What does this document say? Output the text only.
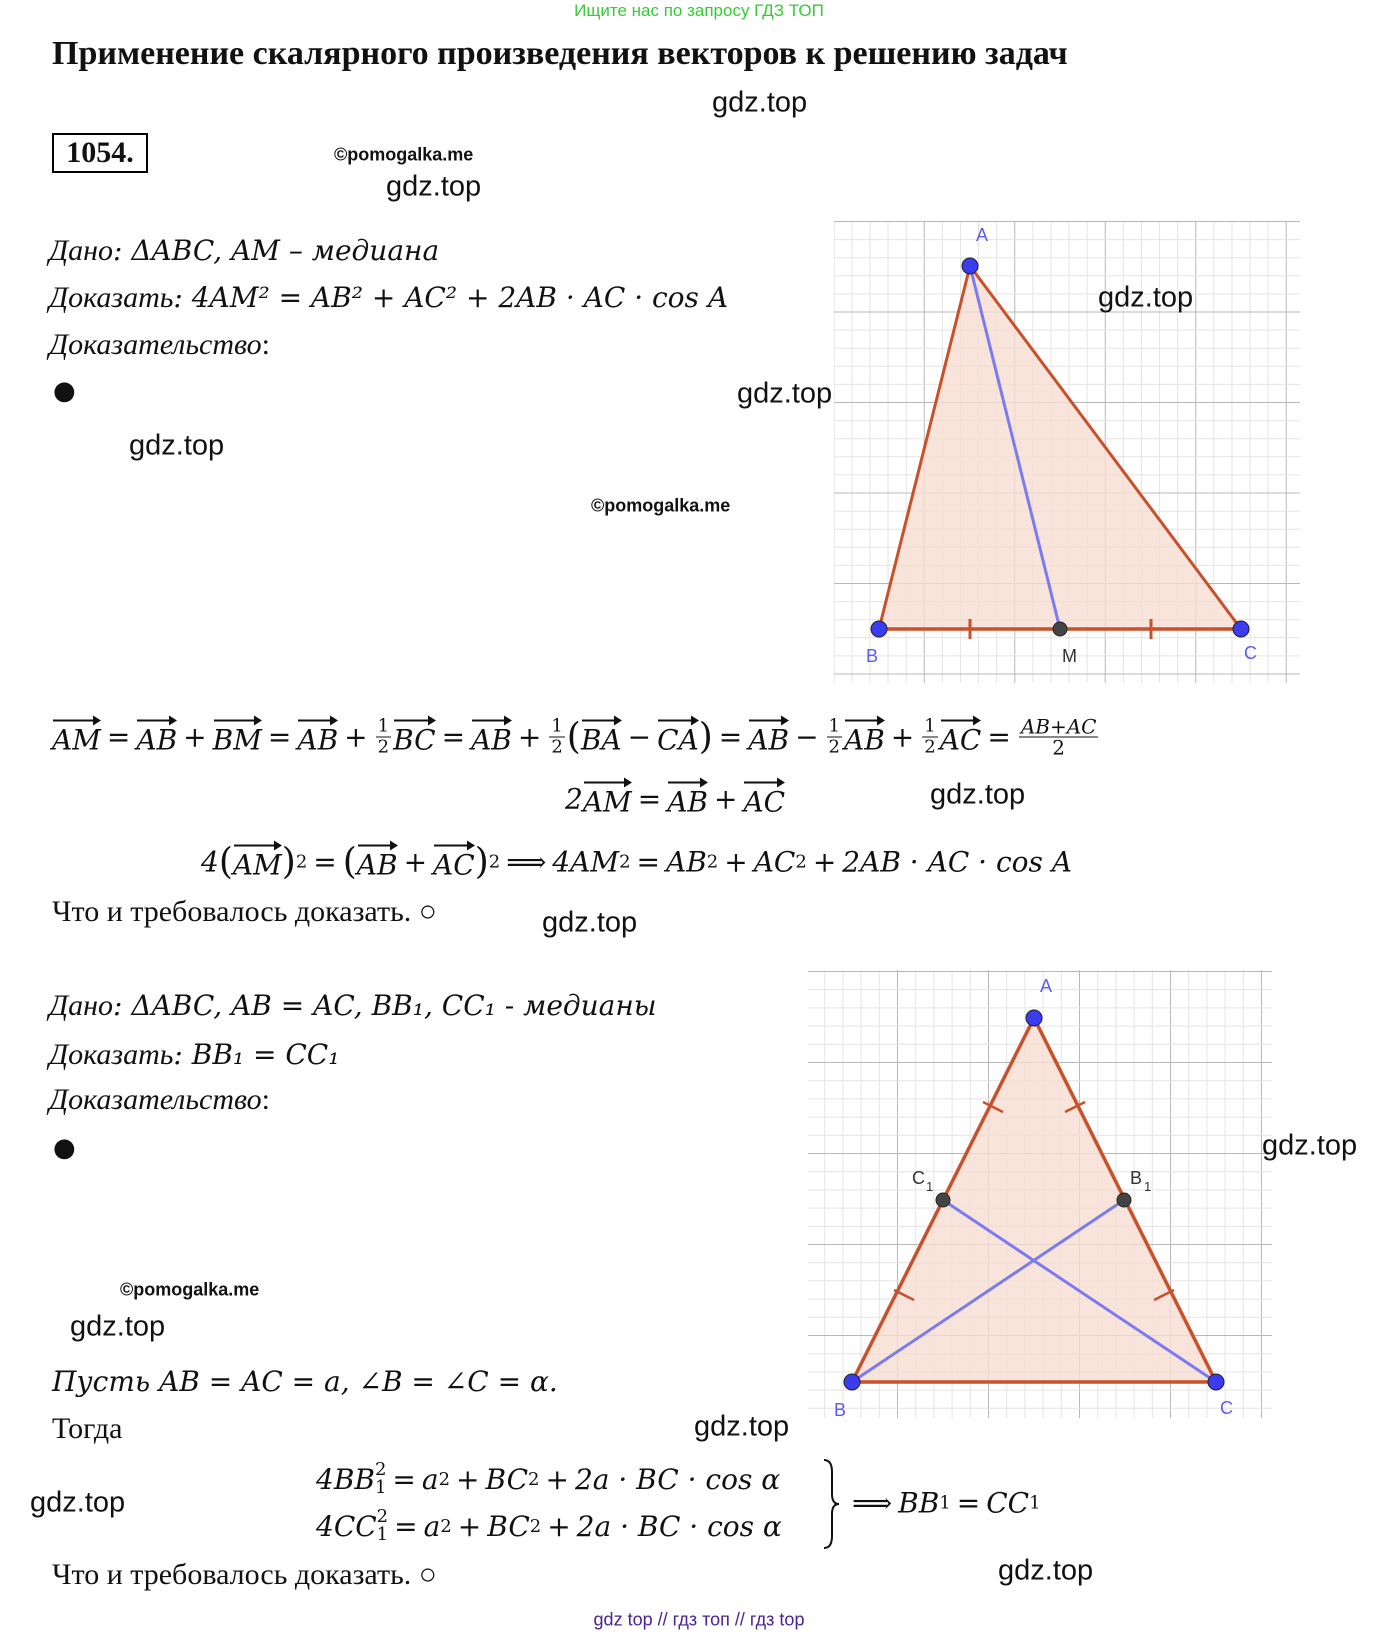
Ищите нас по запросу ГДЗ ТОП
Применение скалярного произведения векторов к решению задач
gdz.top
1054.	©pomogalka.me
gdz.top
Дано: ΔABC, AM – медиана
Доказать: 4AM² = AB² + AC² + 2AB · AC · cos A
Доказательство:
●
gdz.top
©pomogalka.me
gdz.top
A
B	C
M
gdz.top
AM = AB + BM = AB + $\frac{1}{2}$ BC = AB + $\frac{1}{2}$ ( BA − CA ) = AB − $\frac{1}{2}$ AB + $\frac{1}{2}$ AC = $\frac{AB+AC}{2}$
2 AM = AB + AC	gdz.top
4 ( AM ) 2 = ( AB + AC ) 2 ⟹ 4AM 2 = AB 2 + AC 2 + 2AB · AC · cos A
Что и требовалось доказать. ○	gdz.top
Дано: ΔABC, AB = AC, BB₁, CC₁ - медианы
Доказать: BB₁ = CC₁
Доказательство:
●
A
B	C
C 1	B 1
gdz.top
©pomogalka.me
gdz.top
Пусть AB = AC = a, ∠B = ∠C = α.
Тогда	gdz.top
gdz.top
4BB 2
1 = a 2 + BC 2 + 2a · BC · cos α
4CC 2
1 = a 2 + BC 2 + 2a · BC · cos α
⟹ BB 1 = CC 1
Что и требовалось доказать. ○	gdz.top
gdz top // гдз топ // гдз top
